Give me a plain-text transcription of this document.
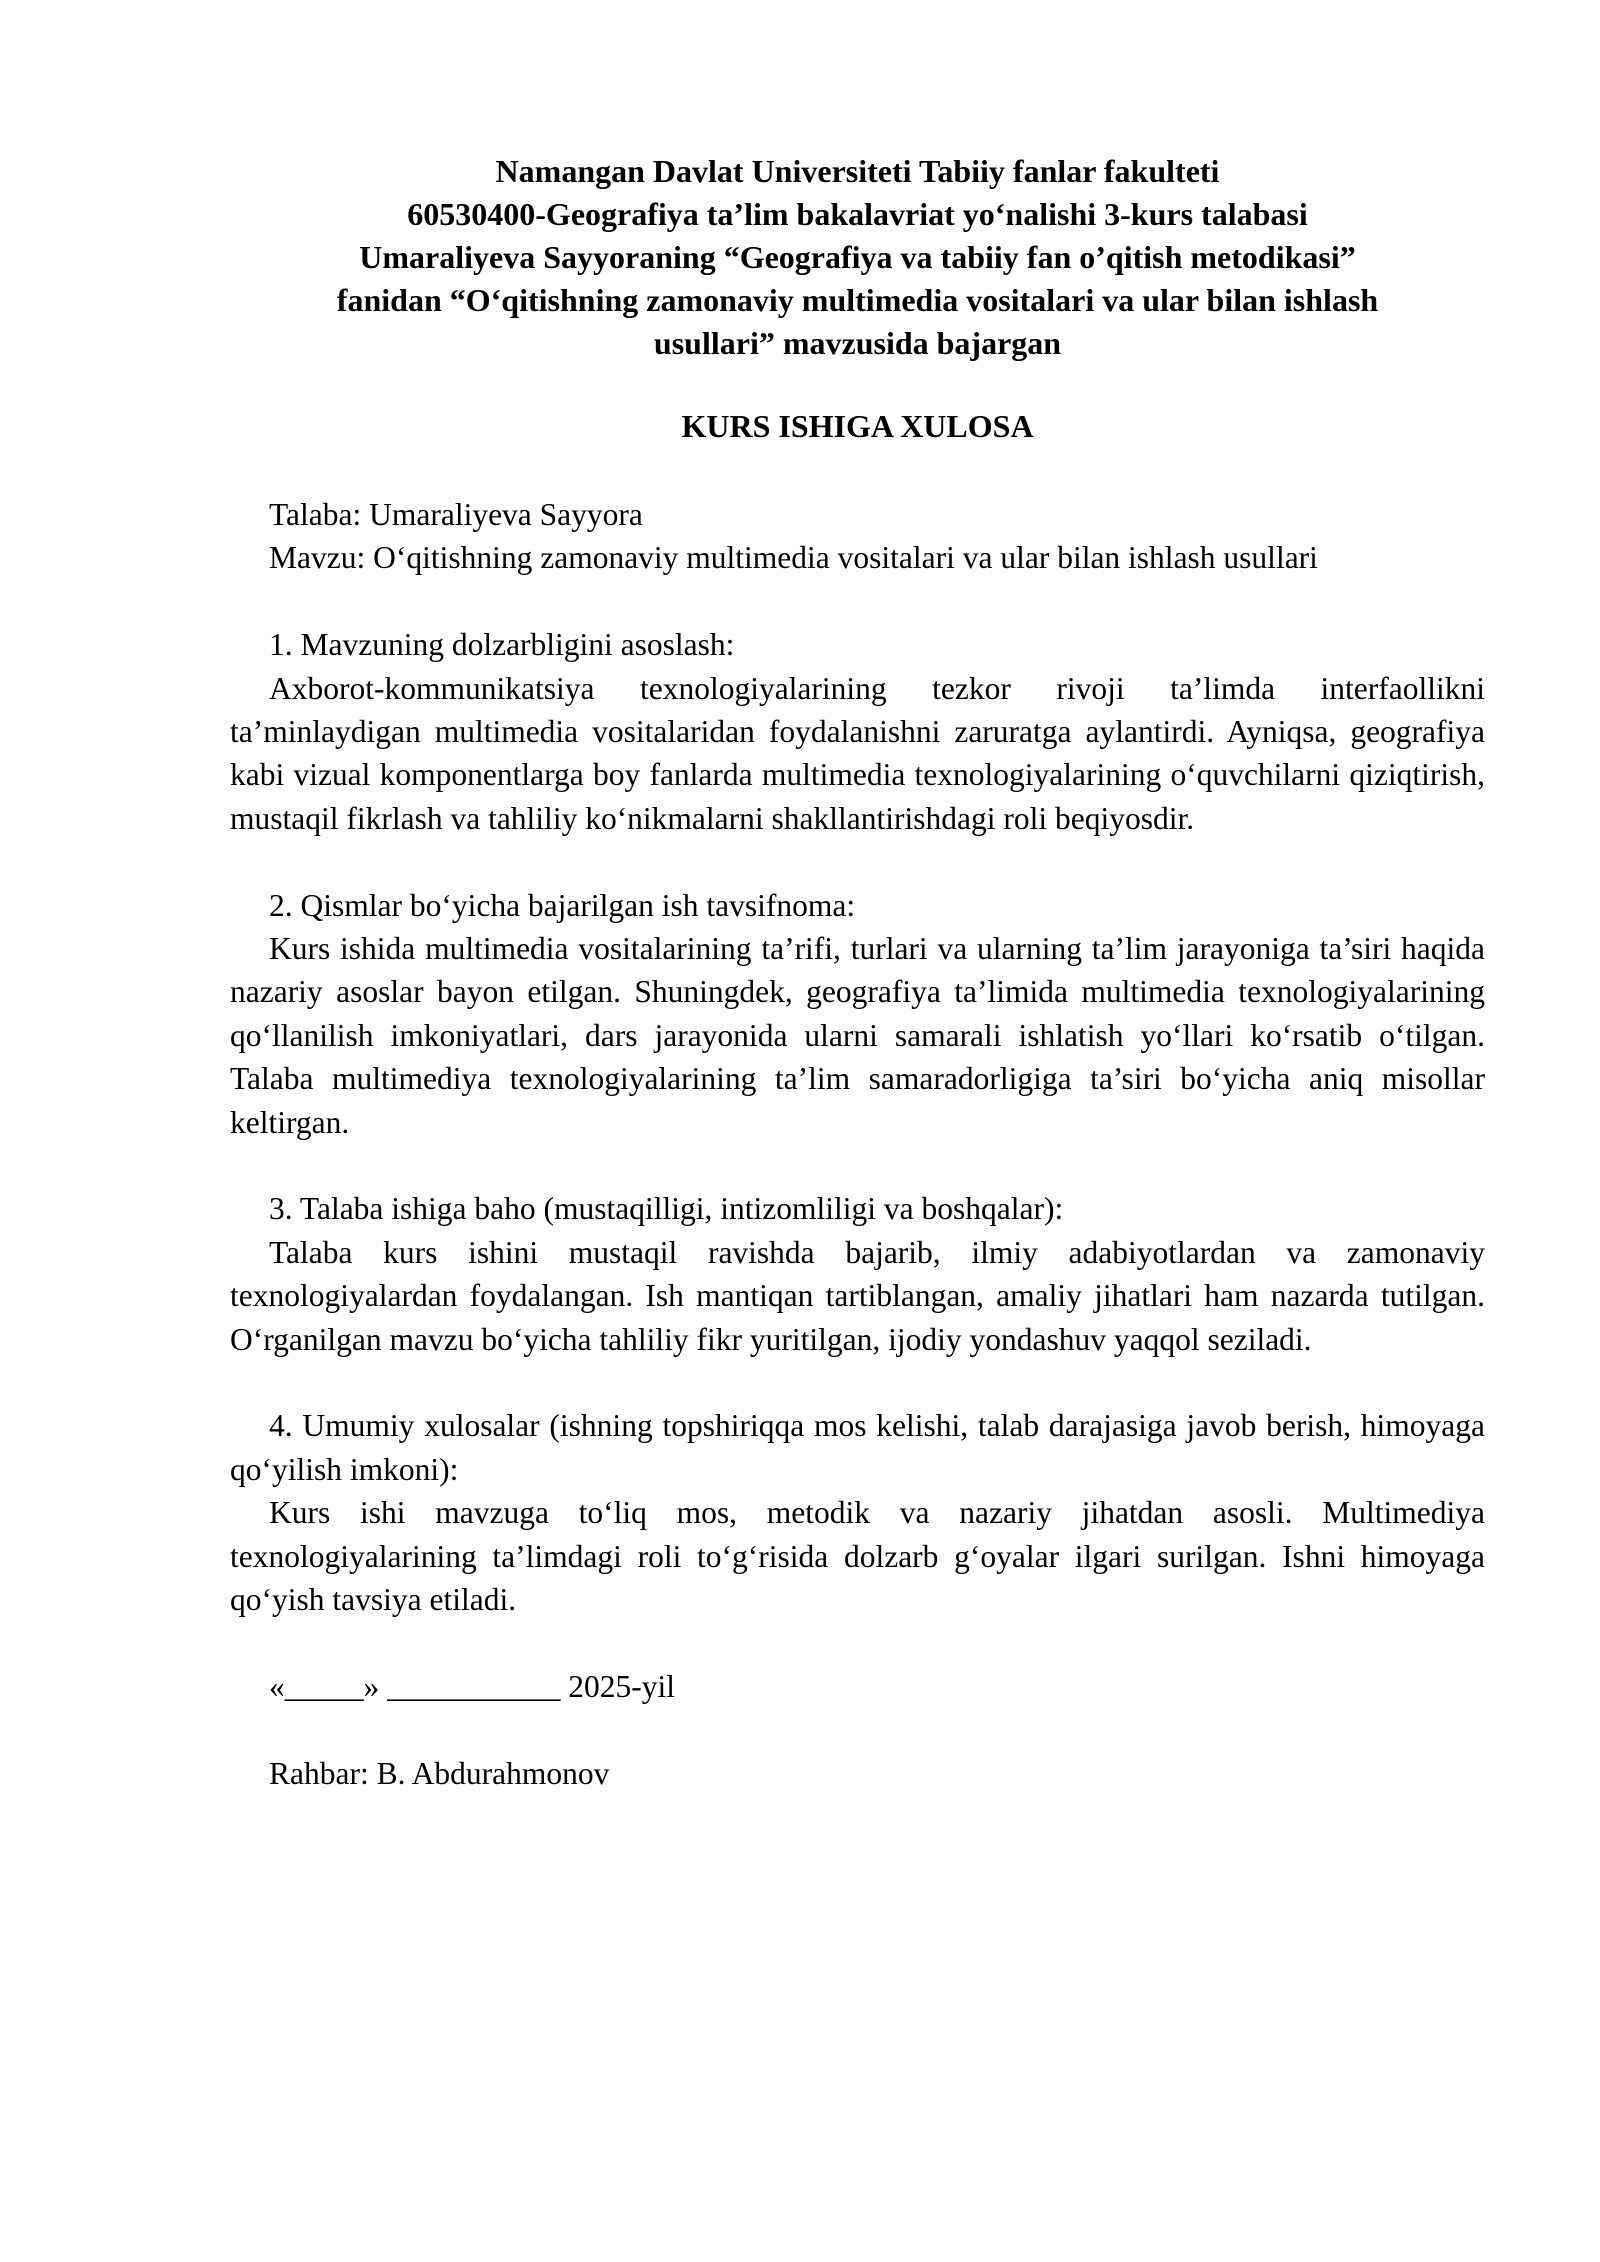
Namangan Davlat Universiteti Tabiiy fanlar fakulteti
60530400-Geografiya ta’lim bakalavriat yo‘nalishi 3-kurs talabasi
Umaraliyeva Sayyoraning “Geografiya va tabiiy fan o’qitish metodikasi”
fanidan “O‘qitishning zamonaviy multimedia vositalari va ular bilan ishlash
usullari” mavzusida bajargan
KURS ISHIGA XULOSA

Talaba: Umaraliyeva Sayyora

Mavzu: O‘qitishning zamonaviy multimedia vositalari va ular bilan ishlash usullari

1. Mavzuning dolzarbligini asoslash:

Axborot-kommunikatsiya texnologiyalarining tezkor rivoji ta’limda interfaollikni ta’minlaydigan multimedia vositalaridan foydalanishni zaruratga aylantirdi. Ayniqsa, geografiya kabi vizual komponentlarga boy fanlarda multimedia texnologiyalarining o‘quvchilarni qiziqtirish, mustaqil fikrlash va tahliliy ko‘nikmalarni shakllantirishdagi roli beqiyosdir.

2. Qismlar bo‘yicha bajarilgan ish tavsifnoma:

Kurs ishida multimedia vositalarining ta’rifi, turlari va ularning ta’lim jarayoniga ta’siri haqida nazariy asoslar bayon etilgan. Shuningdek, geografiya ta’limida multimedia texnologiyalarining qo‘llanilish imkoniyatlari, dars jarayonida ularni samarali ishlatish yo‘llari ko‘rsatib o‘tilgan. Talaba multimediya texnologiyalarining ta’lim samaradorligiga ta’siri bo‘yicha aniq misollar keltirgan.

3. Talaba ishiga baho (mustaqilligi, intizomliligi va boshqalar):

Talaba kurs ishini mustaqil ravishda bajarib, ilmiy adabiyotlardan va zamonaviy texnologiyalardan foydalangan. Ish mantiqan tartiblangan, amaliy jihatlari ham nazarda tutilgan. O‘rganilgan mavzu bo‘yicha tahliliy fikr yuritilgan, ijodiy yondashuv yaqqol seziladi.

4. Umumiy xulosalar (ishning topshiriqqa mos kelishi, talab darajasiga javob berish, himoyaga qo‘yilish imkoni):

Kurs ishi mavzuga to‘liq mos, metodik va nazariy jihatdan asosli. Multimediya texnologiyalarining ta’limdagi roli to‘g‘risida dolzarb g‘oyalar ilgari surilgan. Ishni himoyaga qo‘yish tavsiya etiladi.

«_____» ___________ 2025-yil

Rahbar: B. Abdurahmonov
